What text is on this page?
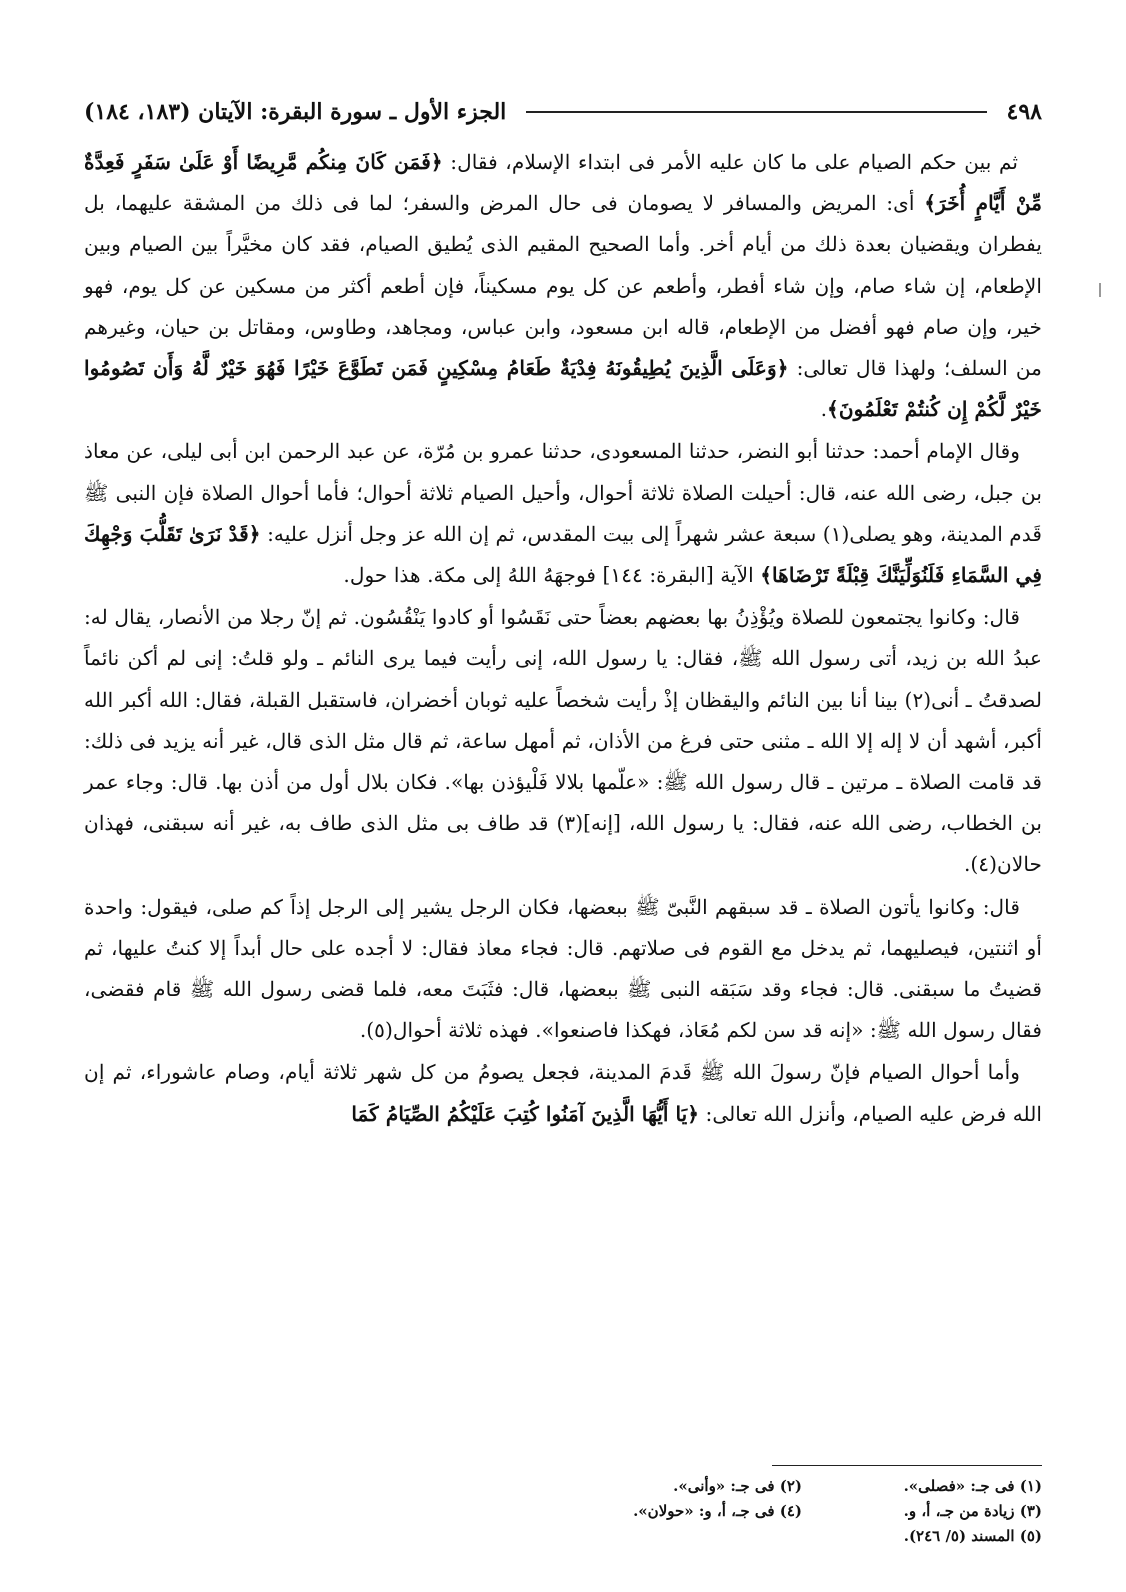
٤٩٨
الجزء الأول ـ سورة البقرة: الآيتان (١٨٣، ١٨٤)

ثم بين حكم الصيام على ما كان عليه الأمر فى ابتداء الإسلام، فقال: ﴿فَمَن كَانَ مِنكُم مَّرِيضًا أَوْ عَلَىٰ سَفَرٍ فَعِدَّةٌ مِّنْ أَيَّامٍ أُخَرَ﴾ أى: المريض والمسافر لا يصومان فى حال المرض والسفر؛ لما فى ذلك من المشقة عليهما، بل يفطران ويقضيان بعدة ذلك من أيام أخر. وأما الصحيح المقيم الذى يُطيق الصيام، فقد كان مخيَّراً بين الصيام وبين الإطعام، إن شاء صام، وإن شاء أفطر، وأطعم عن كل يوم مسكيناً، فإن أطعم أكثر من مسكين عن كل يوم، فهو خير، وإن صام فهو أفضل من الإطعام، قاله ابن مسعود، وابن عباس، ومجاهد، وطاوس، ومقاتل بن حيان، وغيرهم من السلف؛ ولهذا قال تعالى: ﴿وَعَلَى الَّذِينَ يُطِيقُونَهُ فِدْيَةٌ طَعَامُ مِسْكِينٍ فَمَن تَطَوَّعَ خَيْرًا فَهُوَ خَيْرٌ لَّهُ وَأَن تَصُومُوا خَيْرٌ لَّكُمْ إِن كُنتُمْ تَعْلَمُونَ﴾.

وقال الإمام أحمد: حدثنا أبو النضر، حدثنا المسعودى، حدثنا عمرو بن مُرّة، عن عبد الرحمن ابن أبى ليلى، عن معاذ بن جبل، رضى الله عنه، قال: أحيلت الصلاة ثلاثة أحوال، وأحيل الصيام ثلاثة أحوال؛ فأما أحوال الصلاة فإن النبى ﷺ قَدم المدينة، وهو يصلى(١) سبعة عشر شهراً إلى بيت المقدس، ثم إن الله عز وجل أنزل عليه: ﴿قَدْ نَرَىٰ تَقَلُّبَ وَجْهِكَ فِي السَّمَاءِ فَلَنُوَلِّيَنَّكَ قِبْلَةً تَرْضَاهَا﴾ الآية [البقرة: ١٤٤] فوجهَهُ اللهُ إلى مكة. هذا حول.

قال: وكانوا يجتمعون للصلاة ويُؤْذِنُ بها بعضهم بعضاً حتى نَقَسُوا أو كادوا يَنْقُسُون. ثم إنّ رجلا من الأنصار، يقال له: عبدُ الله بن زيد، أتى رسول الله ﷺ، فقال: يا رسول الله، إنى رأيت فيما يرى النائم ـ ولو قلتُ: إنى لم أكن نائماً لصدقتُ ـ أنى(٢) بينا أنا بين النائم واليقظان إذْ رأيت شخصاً عليه ثوبان أخضران، فاستقبل القبلة، فقال: الله أكبر الله أكبر، أشهد أن لا إله إلا الله ـ مثنى حتى فرغ من الأذان، ثم أمهل ساعة، ثم قال مثل الذى قال، غير أنه يزيد فى ذلك: قد قامت الصلاة ـ مرتين ـ قال رسول الله ﷺ: «علّمها بلالا فَلْيؤذن بها». فكان بلال أول من أذن بها. قال: وجاء عمر بن الخطاب، رضى الله عنه، فقال: يا رسول الله، [إنه](٣) قد طاف بى مثل الذى طاف به، غير أنه سبقنى، فهذان حالان(٤).

قال: وكانوا يأتون الصلاة ـ قد سبقهم النَّبىّ ﷺ ببعضها، فكان الرجل يشير إلى الرجل إذاً كم صلى، فيقول: واحدة أو اثنتين، فيصليهما، ثم يدخل مع القوم فى صلاتهم. قال: فجاء معاذ فقال: لا أجده على حال أبداً إلا كنتُ عليها، ثم قضيتُ ما سبقنى. قال: فجاء وقد سَبَقه النبى ﷺ ببعضها، قال: فثَبَتَ معه، فلما قضى رسول الله ﷺ قام فقضى، فقال رسول الله ﷺ: «إنه قد سن لكم مُعَاذ، فهكذا فاصنعوا». فهذه ثلاثة أحوال(٥).

وأما أحوال الصيام فإنّ رسولَ الله ﷺ قَدمَ المدينة، فجعل يصومُ من كل شهر ثلاثة أيام، وصام عاشوراء، ثم إن الله فرض عليه الصيام، وأنزل الله تعالى: ﴿يَا أَيُّهَا الَّذِينَ آمَنُوا كُتِبَ عَلَيْكُمُ الصِّيَامُ كَمَا

(١) فى جـ: «فصلى».
(٢) فى جـ: «وأنى».
(٣) زيادة من جـ، أ، و.
(٤) فى جـ، أ، و: «حولان».
(٥) المسند (٥/ ٢٤٦).
